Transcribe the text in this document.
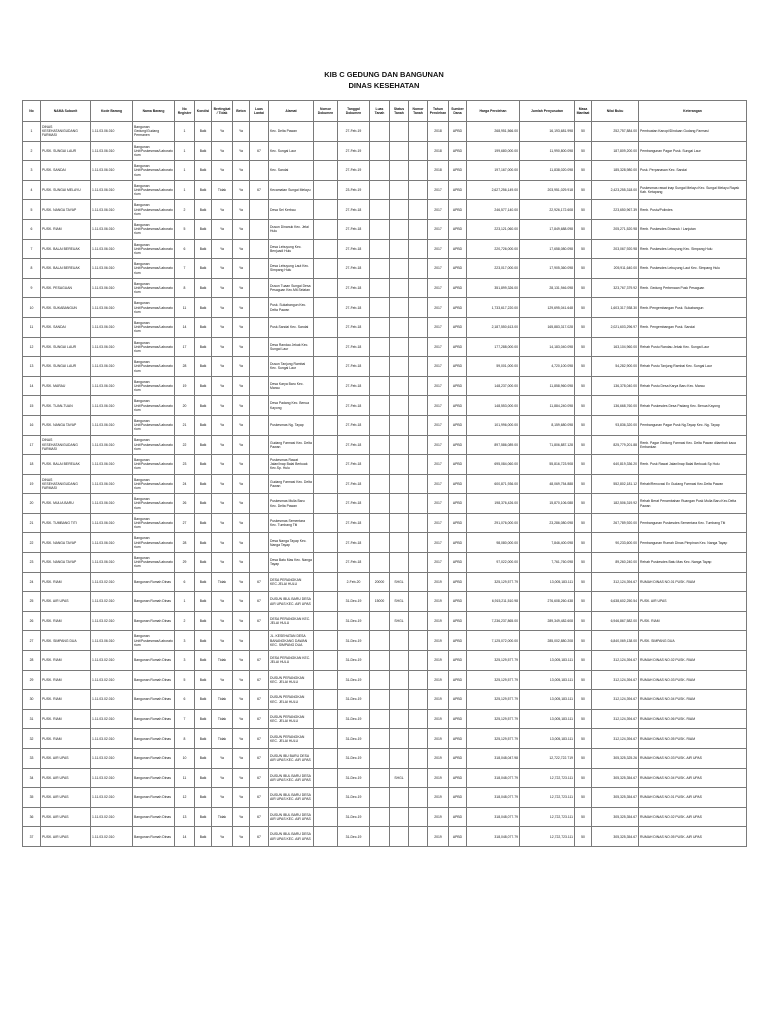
KIB C GEDUNG DAN BANGUNAN
DINAS KESEHATAN
No	NAMA Subunit	Kode Barang	Nama Barang	No Register	Kondisi	Bertingkat / Tidak	Beton	Luas Lantai	Alamat	Nomor Dokumen	Tanggal Dokumen	Luas Tanah	Status Tanah	Nomor Tanah	Tahun Perolehan	Sumber Dana	Harga Perolehan	Jumlah Penyusutan	Masa Manfaat	Nilai Buku	Keterangan
1	DINAS KESEHATAN/GUDANG FARMASI	1.11.03.06.010	Bangunan Gedung/Gudang Permanen	1	Baik	Ya	Ya		Kec. Delta Pawan		27-Feb-19				2018	APBD	268,951,566.00	16,193,681.998	50	252,757,884.00	Pembuatan Kanopi/Dinduan Gudang Farmasi
2	PUSK. SUNGAI LAUR	1.11.03.06.010	Bangunan Unit/Puskesmas/Laboratorium	1	Baik	Ya	Ya	67	Kec. Sungai Laur		27-Feb-19				2018	APBD	199,680,000.00	11,990,800.098	50	187,809,200.00	Pembangunan Pagar Pusk. Sungai Laur
3	PUSK. SANDAI	1.11.03.06.010	Bangunan Unit/Puskesmas/Laboratorium	1	Baik	Ya	Ya		Kec. Sandai		27-Feb-19				2018	APBD	197,167,000.00	11,838,020.098	50	185,328,980.00	Pusk. Perpanasan Kec. Sandai
4	PUSK. SUNGAI MELAYU	1.11.03.06.010	Bangunan Unit/Puskesmas/Laboratorium	1	Baik	Tidak	Ya	67	Kecamatan Sungai Melayu		23-Feb-19				2017	APBD	2,627,256,149.00	203,951,029.918	50	2,423,255,318.00	Puskesmas rawat inap Sungai Melayu Kec. Sungai Melayu Rayak Kab. Ketapang
5	PUSK. NANGA TAYAP	1.11.03.06.010	Bangunan Unit/Puskesmas/Laboratorium	2	Baik	Ya	Ya		Desa Sei Kerbau		27-Feb-18				2017	APBD	246,577,140.00	22,926,172.608	50	223,650,967.39	Renb. Pustu/Polindes
6	PUSK. RIAM	1.11.03.06.010	Bangunan Unit/Puskesmas/Laboratorium	5	Baik	Ya	Ya		Dusun Dinanuk Kec. Jelai Hulu		27-Feb-18				2017	APBD	223,121,060.00	17,849,688.098	50	205,271,520.98	Renb. Puskesdes Dinanuk / Lanjutan
7	PUSK. BALAI BEREUAK	1.11.03.06.010	Bangunan Unit/Puskesmas/Laboratorium	6	Baik	Ya	Ya		Desa Lebuyung Kec. Benjuadi Hulu		27-Feb-18				2017	APBD	220,726,000.00	17,658,080.098	50	203,067,920.98	Renb. Puskesdes Lebuyung Kec. Simpang Hulu
8	PUSK. BALAI BEREUAK	1.11.03.06.010	Bangunan Unit/Puskesmas/Laboratorium	7	Baik	Ya	Ya		Desa Lebuyung Laut Kec. Simpang Hulu		27-Feb-18				2017	APBD	223,017,000.00	17,905,360.098	50	205,911,640.00	Renb. Puskesdes Lebuyung Laut Kec. Simpang Hulu
9	PUSK. PESAGUAN	1.11.03.06.010	Bangunan Unit/Puskesmas/Laboratorium	8	Baik	Ya	Ya		Dusun Tuaan Sungai Desa Pesaguan Kec.Mtl.Selatan		27-Feb-18				2017	APBD	351,899,326.00	28,131,946.098	50	323,767,379.92	Renb. Gedung Perbenaan Pusk Pesaguan
10	PUSK. SUKABANGUN	1.11.03.06.010	Bangunan Unit/Puskesmas/Laboratorium	11	Baik	Ya	Ya		Pusk. Sukabangun Kec. Delta Pawan		27-Feb-18				2017	APBD	1,733,617,220.00	129,695,041.648	50	1,603,317,938.30	Renb./Pengembangan Pusk. Sukabangun
11	PUSK. SANDAI	1.11.03.06.010	Bangunan Unit/Puskesmas/Laboratorium	14	Baik	Ya	Ya		Pusk.Sandai Kec. Sandai		27-Feb-18				2017	APBD	2,187,550,613.00	165,883,317.028	50	2,021,603,296.97	Renb. Pengembangan Pusk. Sandai
12	PUSK. SUNGAI LAUR	1.11.03.06.010	Bangunan Unit/Puskesmas/Laboratorium	17	Baik	Ya	Ya		Desa Randau Jekak Kec. Sungai Laur		27-Feb-18				2017	APBD	177,288,000.00	14,183,040.098	50	163,104,960.00	Rehab Pustu Randau Jekak Kec. Sungai Laur
13	PUSK. SUNGAI LAUR	1.11.03.06.010	Bangunan Unit/Puskesmas/Laboratorium	28	Baik	Ya	Ya		Dusun Tanjung Rambai Kec. Sungai Laur		27-Feb-18				2017	APBD	59,001,000.00	4,720,100.098	50	54,282,900.00	Rehab Pustu Tanjung Rambai Kec. Sungai Laur
14	PUSK. MARAU	1.11.03.06.010	Bangunan Unit/Puskesmas/Laboratorium	19	Baik	Ya	Ya		Desa Karya Baru Kec. Marau		27-Feb-18				2017	APBD	148,237,000.00	11,858,960.098	50	136,378,040.00	Rehab Pustu Desa Karya Baru Kec. Marau
15	PUSK. TUAN-TUAN	1.11.03.06.010	Bangunan Unit/Puskesmas/Laboratorium	20	Baik	Ya	Ya		Desa Padang Kec. Benua Kayong		27-Feb-18				2017	APBD	148,553,000.00	11,884,240.098	50	136,668,760.00	Rehab Puskesdes Desa Padang Kec. Benua Kayong
16	PUSK. NANGA TAYAP	1.11.03.06.010	Bangunan Unit/Puskesmas/Laboratorium	21	Baik	Ya	Ya		Puskesmas Ng. Tayap		27-Feb-18				2017	APBD	101,996,000.00	8,159,680.098	50	93,836,320.00	Pembangunan Pagar Pusk Ng.Tayap Kec. Ng. Tayap
17	DINAS KESEHATAN/GUDANG FARMASI	1.11.03.06.010	Bangunan Unit/Puskesmas/Laboratorium	22	Baik	Ya	Ya		Gudang Farmasi Kec. Delta Pawan		27-Feb-18				2017	APBD	897,586,089.00	71,806,887.128	50	825,779,201.88	Renb. Pagar Gedung Farmasi Kec. Delta Pawan dilambah kaca Embankan
18	PUSK. BALAI BEREUAK	1.11.03.06.010	Bangunan Unit/Puskesmas/Laboratorium	23	Baik	Ya	Ya		Puskesmas Rawat Jalan/Inap Balai Berkuak Kec.Sp. Hulu		27-Feb-18				2017	APBD	695,084,060.00	55,816,723.908	50	640,819,336.20	Renb. Pusk Rawat Jalan/Inap Balai Berkuak Sp Hulu
19	DINAS KESEHATAN/GUDANG FARMASI	1.11.03.06.010	Bangunan Unit/Puskesmas/Laboratorium	24	Baik	Ya	Ya		Gudang Farmasi Kec. Delta Pawan		27-Feb-18				2017	APBD	600,871,936.00	48,069,754.888	50	552,802,181.12	Rehab/Renovasi Ex Gudang Farmasi Kec.Delta Pawan
20	PUSK. MULIA BARU	1.11.03.06.010	Bangunan Unit/Puskesmas/Laboratorium	26	Baik	Ya	Ya		Puskesmas Mulia Baru Kec. Delta Pawan		27-Feb-18				2017	APBD	198,376,426.00	15,870,106.088	50	182,506,319.92	Rehab Berat Penambahan Ruangan Pusk Mulia Baru Kec.Delta Pawan
21	PUSK. TUMBANG TITI	1.11.03.06.010	Bangunan Unit/Puskesmas/Laboratorium	27	Baik	Ya	Ya		Puskesmas Sementara Kec. Tumbang Titi		27-Feb-18				2017	APBD	291,076,000.00	23,286,080.098	50	267,789,920.00	Pembangunan Puskesdes Sementara Kec. Tumbang Titi
22	PUSK. NANGA TAYAP	1.11.03.06.010	Bangunan Unit/Puskesmas/Laboratorium	28	Baik	Ya	Ya		Desa Nanga Tayap Kec. Nanga Tayap		27-Feb-18				2017	APBD	98,080,000.00	7,846,400.098	50	90,233,600.00	Pembangunan Rumah Dinas Pimpinan Kec. Nanga Tayap
23	PUSK. NANGA TAYAP	1.11.03.06.010	Bangunan Unit/Puskesmas/Laboratorium	29	Baik	Ya	Ya		Desa Batu Mas Kec. Nanga Tayap		27-Feb-18				2017	APBD	97,022,000.00	7,761,760.098	50	89,260,240.00	Rehab Puskesdes Batu Mas Kec. Nanga Tayap
24	PUSK. RIAM	1.11.03.02.010	Bangunan Rumah Dinas	6	Baik	Tidak	Ya	67	DESA PERANGKAN KEC.JELAI HULU		2-Feb-20	20000	SHGL		2019	APBD	325,129,577.79	13,005,183.111	50	312,124,394.67	RUMAH DINAS NO.01 PUSK. RIAM
25	PUSK. AIR UPAS	1.11.03.02.010	Bangunan Rumah Dinas	1	Baik	Ya	Ya	67	DUSUN IBUL BARU DESA AIR UPAS KEC. AIR UPAS		31-Dec-19	15000	SHGL		2019	APBD	6,915,211,510.98	276,608,260.438	50	6,638,602,250.54	PUSK. AIR UPAS
26	PUSK. RIAM	1.11.03.02.010	Bangunan Rumah Dinas	2	Baik	Ya	Ya	67	DESA PERANGKAN KEC. JELAI HULU		31-Dec-19		SHGL		2019	APBD	7,236,237,865.00	289,349,482.608	50	6,946,867,582.00	PUSK. RIAM
27	PUSK. SIMPANG DUA	1.11.03.06.010	Bangunan Unit/Puskesmas/Laboratorium	3	Baik	Ya	Ya		JL. KESEHATAN DESA BANANGKANG DAWAN KEC. SIMPANG DUA		31-Dec-19				2019	APBD	7,125,072,000.00	285,002,880.208	50	6,840,069,138.00	PUSK. SIMPANG DUA
28	PUSK. RIAM	1.11.03.02.010	Bangunan Rumah Dinas	3	Baik	Tidak	Ya	67	DESA PERANGKAN KEC. JELAI HULU		31-Dec-19				2019	APBD	325,129,577.79	13,005,183.111	50	312,124,394.67	RUMAH DINAS NO.02 PUSK. RIAM
29	PUSK. RIAM	1.11.03.02.010	Bangunan Rumah Dinas	5	Baik	Ya	Ya	67	DUSUN PERANGKAN KEC. JELAI HULU		31-Dec-19				2019	APBD	325,129,577.79	13,005,183.111	50	312,124,394.67	RUMAH DINAS NO.03 PUSK. RIAM
30	PUSK. RIAM	1.11.03.02.010	Bangunan Rumah Dinas	6	Baik	Tidak	Ya	67	DUSUN PERANGKAN KEC. JELAI HULU		31-Dec-19				2019	APBD	325,129,577.79	13,005,183.111	50	312,124,394.67	RUMAH DINAS NO.04 PUSK. RIAM
31	PUSK. RIAM	1.11.03.02.010	Bangunan Rumah Dinas	7	Baik	Tidak	Ya	67	DUSUN PERANGKAN KEC. JELAI HULU		31-Dec-19				2019	APBD	325,129,577.79	13,005,183.111	50	312,124,394.67	RUMAH DINAS NO.06 PUSK. RIAM
32	PUSK. RIAM	1.11.03.02.010	Bangunan Rumah Dinas	8	Baik	Tidak	Ya	67	DUSUN PERANGKAN KEC. JELAI HULU		31-Dec-19				2019	APBD	325,129,577.79	13,005,183.111	50	312,124,394.67	RUMAH DINAS NO.05 PUSK. RIAM
33	PUSK. AIR UPAS	1.11.03.02.010	Bangunan Rumah Dinas	10	Baik	Ya	Ya	67	DUSUN IBU BARU DESA AIR UPAS KEC. AIR UPAS		31-Dec-19				2019	APBD	318,048,047.98	12,722,722.719	50	305,325,325.26	RUMAH DINAS NO.03 PUSK. AIR UPAS
34	PUSK. AIR UPAS	1.11.03.02.010	Bangunan Rumah Dinas	11	Baik	Ya	Ya	67	DUSUN IBUL BARU DESA AIR UPAS KEC. AIR UPAS		31-Dec-19		SHGL		2019	APBD	318,048,077.79	12,722,723.111	50	305,325,354.67	RUMAH DINAS NO.04 PUSK. AIR UPAS
35	PUSK. AIR UPAS	1.11.03.02.010	Bangunan Rumah Dinas	12	Baik	Ya	Ya	67	DUSUN IBUL BARU DESA AIR UPAS KEC. AIR UPAS		31-Dec-19				2019	APBD	318,048,077.79	12,722,723.111	50	305,325,354.67	RUMAH DINAS NO.01 PUSK. AIR UPAS
36	PUSK. AIR UPAS	1.11.03.02.010	Bangunan Rumah Dinas	13	Baik	Tidak	Ya	67	DUSUN IBUL BARU DESA AIR UPAS KEC. AIR UPAS		31-Dec-19				2019	APBD	318,048,077.79	12,722,723.111	50	305,325,354.67	RUMAH DINAS NO.02 PUSK. AIR UPAS
37	PUSK. AIR UPAS	1.11.03.02.010	Bangunan Rumah Dinas	14	Baik	Ya	Ya	67	DUSUN IBUL BARU DESA AIR UPAS KEC. AIR UPAS		31-Dec-19				2019	APBD	318,048,077.79	12,722,723.111	50	305,325,354.67	RUMAH DINAS NO.05 PUSK. AIR UPAS
